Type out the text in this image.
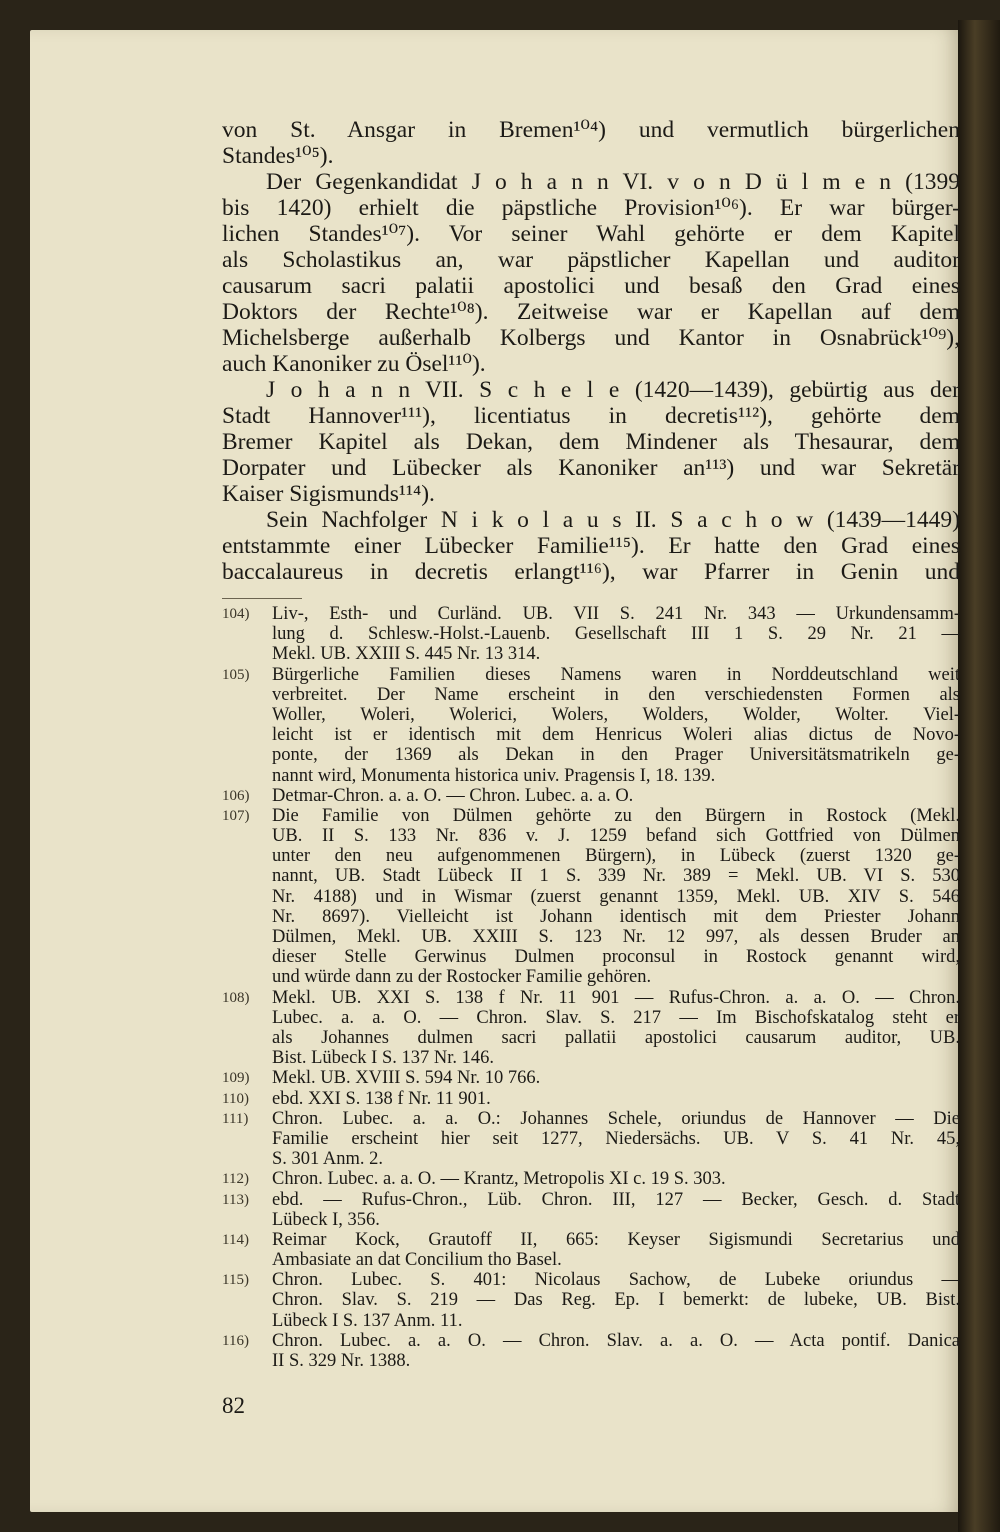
von St. Ansgar in Bremen¹⁰⁴) und vermutlich bürgerlichen
Standes¹⁰⁵).
Der Gegenkandidat J o h a n n VI. v o n D ü l m e n (1399
bis 1420) erhielt die päpstliche Provision¹⁰⁶). Er war bürger-
lichen Standes¹⁰⁷). Vor seiner Wahl gehörte er dem Kapitel
als Scholastikus an, war päpstlicher Kapellan und auditor
causarum sacri palatii apostolici und besaß den Grad eines
Doktors der Rechte¹⁰⁸). Zeitweise war er Kapellan auf dem
Michelsberge außerhalb Kolbergs und Kantor in Osnabrück¹⁰⁹),
auch Kanoniker zu Ösel¹¹⁰).
J o h a n n VII. S c h e l e (1420—1439), gebürtig aus der
Stadt Hannover¹¹¹), licentiatus in decretis¹¹²), gehörte dem
Bremer Kapitel als Dekan, dem Mindener als Thesaurar, dem
Dorpater und Lübecker als Kanoniker an¹¹³) und war Sekretär
Kaiser Sigismunds¹¹⁴).
Sein Nachfolger N i k o l a u s II. S a c h o w (1439—1449)
entstammte einer Lübecker Familie¹¹⁵). Er hatte den Grad eines
baccalaureus in decretis erlangt¹¹⁶), war Pfarrer in Genin und
104)	Liv-, Esth- und Curländ. UB. VII S. 241 Nr. 343 — Urkundensamm-
lung d. Schlesw.-Holst.-Lauenb. Gesellschaft III 1 S. 29 Nr. 21 —
Mekl. UB. XXIII S. 445 Nr. 13 314.
105)	Bürgerliche Familien dieses Namens waren in Norddeutschland weit
verbreitet. Der Name erscheint in den verschiedensten Formen als
Woller, Woleri, Wolerici, Wolers, Wolders, Wolder, Wolter. Viel-
leicht ist er identisch mit dem Henricus Woleri alias dictus de Novo-
ponte, der 1369 als Dekan in den Prager Universitätsmatrikeln ge-
nannt wird, Monumenta historica univ. Pragensis I, 18. 139.
106)	Detmar-Chron. a. a. O. — Chron. Lubec. a. a. O.
107)	Die Familie von Dülmen gehörte zu den Bürgern in Rostock (Mekl.
UB. II S. 133 Nr. 836 v. J. 1259 befand sich Gottfried von Dülmen
unter den neu aufgenommenen Bürgern), in Lübeck (zuerst 1320 ge-
nannt, UB. Stadt Lübeck II 1 S. 339 Nr. 389 = Mekl. UB. VI S. 530
Nr. 4188) und in Wismar (zuerst genannt 1359, Mekl. UB. XIV S. 546
Nr. 8697). Vielleicht ist Johann identisch mit dem Priester Johann
Dülmen, Mekl. UB. XXIII S. 123 Nr. 12 997, als dessen Bruder an
dieser Stelle Gerwinus Dulmen proconsul in Rostock genannt wird,
und würde dann zu der Rostocker Familie gehören.
108)	Mekl. UB. XXI S. 138 f Nr. 11 901 — Rufus-Chron. a. a. O. — Chron.
Lubec. a. a. O. — Chron. Slav. S. 217 — Im Bischofskatalog steht er
als Johannes dulmen sacri pallatii apostolici causarum auditor, UB.
Bist. Lübeck I S. 137 Nr. 146.
109)	Mekl. UB. XVIII S. 594 Nr. 10 766.
110)	ebd. XXI S. 138 f Nr. 11 901.
111)	Chron. Lubec. a. a. O.: Johannes Schele, oriundus de Hannover — Die
Familie erscheint hier seit 1277, Niedersächs. UB. V S. 41 Nr. 45,
S. 301 Anm. 2.
112)	Chron. Lubec. a. a. O. — Krantz, Metropolis XI c. 19 S. 303.
113)	ebd. — Rufus-Chron., Lüb. Chron. III, 127 — Becker, Gesch. d. Stadt
Lübeck I, 356.
114)	Reimar Kock, Grautoff II, 665: Keyser Sigismundi Secretarius und
Ambasiate an dat Concilium tho Basel.
115)	Chron. Lubec. S. 401: Nicolaus Sachow, de Lubeke oriundus —
Chron. Slav. S. 219 — Das Reg. Ep. I bemerkt: de lubeke, UB. Bist.
Lübeck I S. 137 Anm. 11.
116)	Chron. Lubec. a. a. O. — Chron. Slav. a. a. O. — Acta pontif. Danica
II S. 329 Nr. 1388.
82
